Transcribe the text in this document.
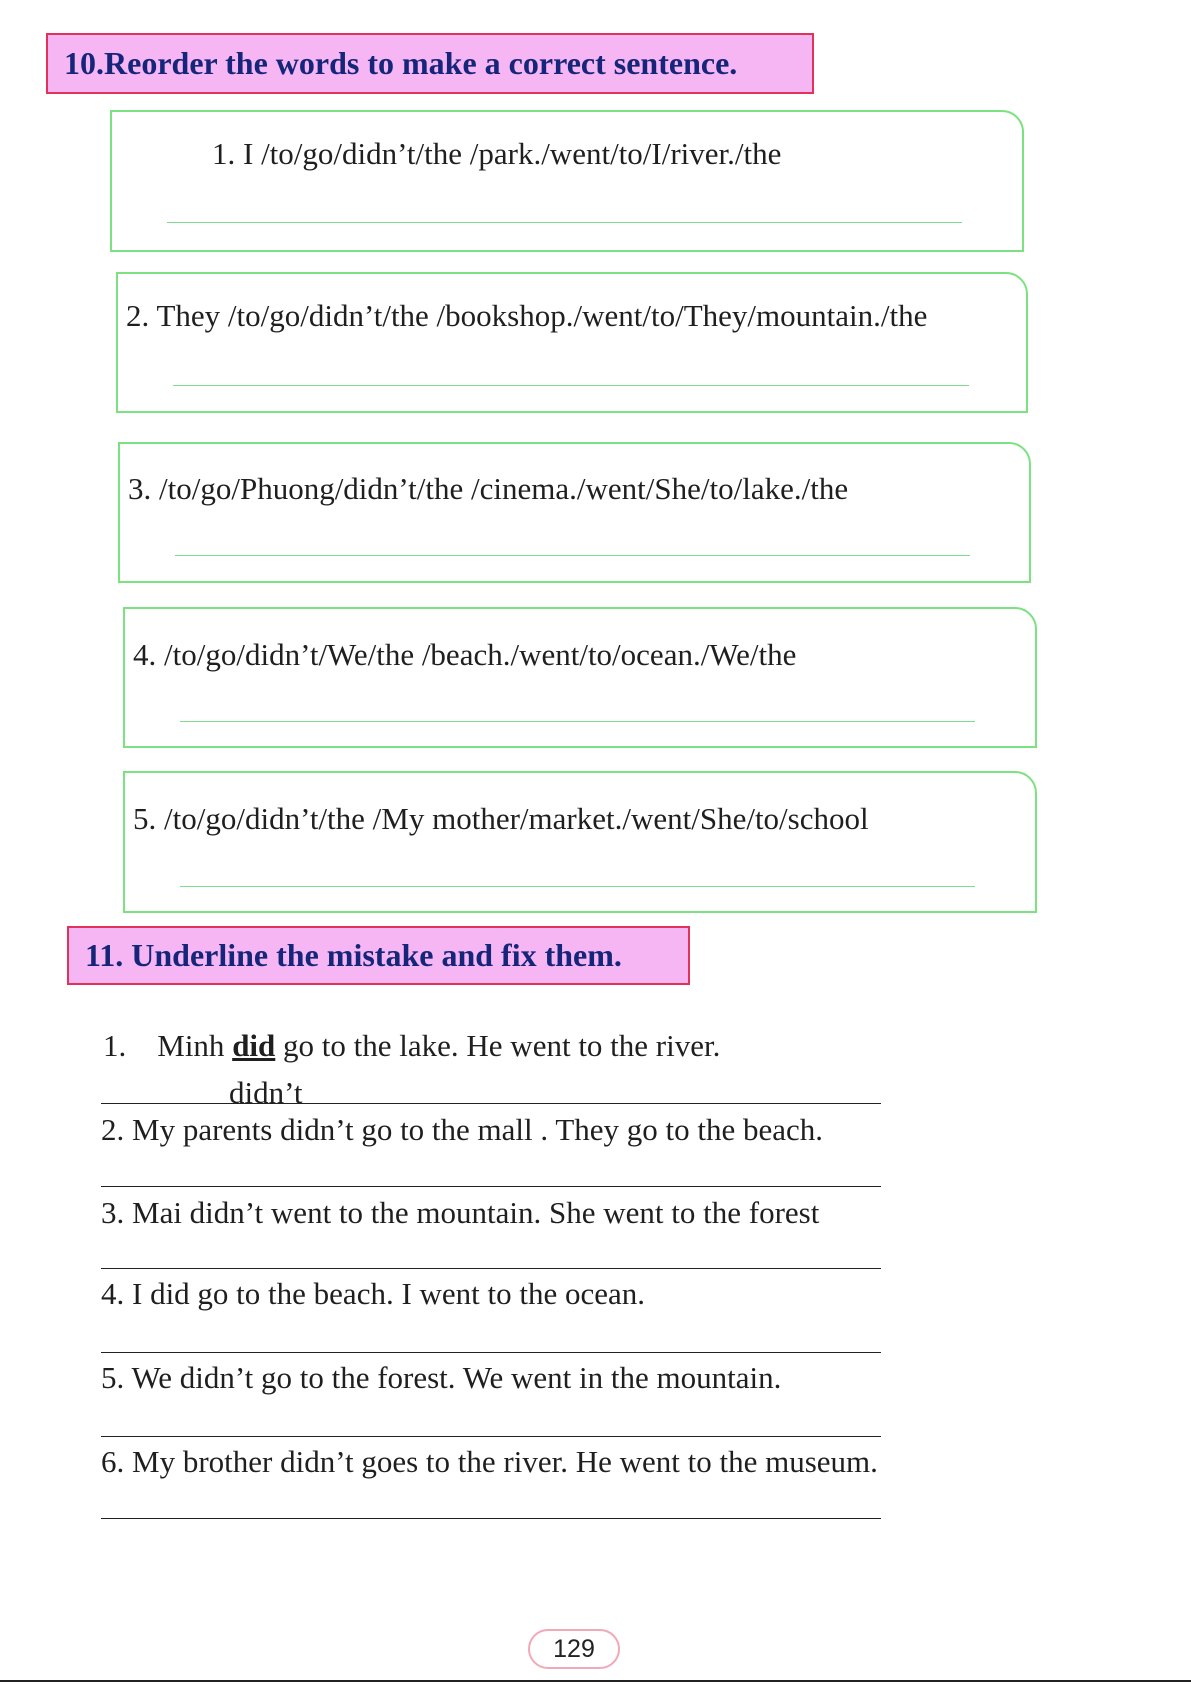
10.Reorder the words to make a correct sentence.
1. I /to/go/didn’t/the /park./went/to/I/river./the
2. They /to/go/didn’t/the /bookshop./went/to/They/mountain./the
3. /to/go/Phuong/didn’t/the /cinema./went/She/to/lake./the
4. /to/go/didn’t/We/the /beach./went/to/ocean./We/the
5. /to/go/didn’t/the /My mother/market./went/She/to/school
11. Underline the mistake and fix them.
1. Minh did go to the lake. He went to the river.
didn’t
2. My parents didn’t go to the mall . They go to the beach.
3. Mai didn’t went to the mountain. She went to the forest
4. I did go to the beach. I went to the ocean.
5. We didn’t go to the forest. We went in the mountain.
6. My brother didn’t goes to the river. He went to the museum.
129
